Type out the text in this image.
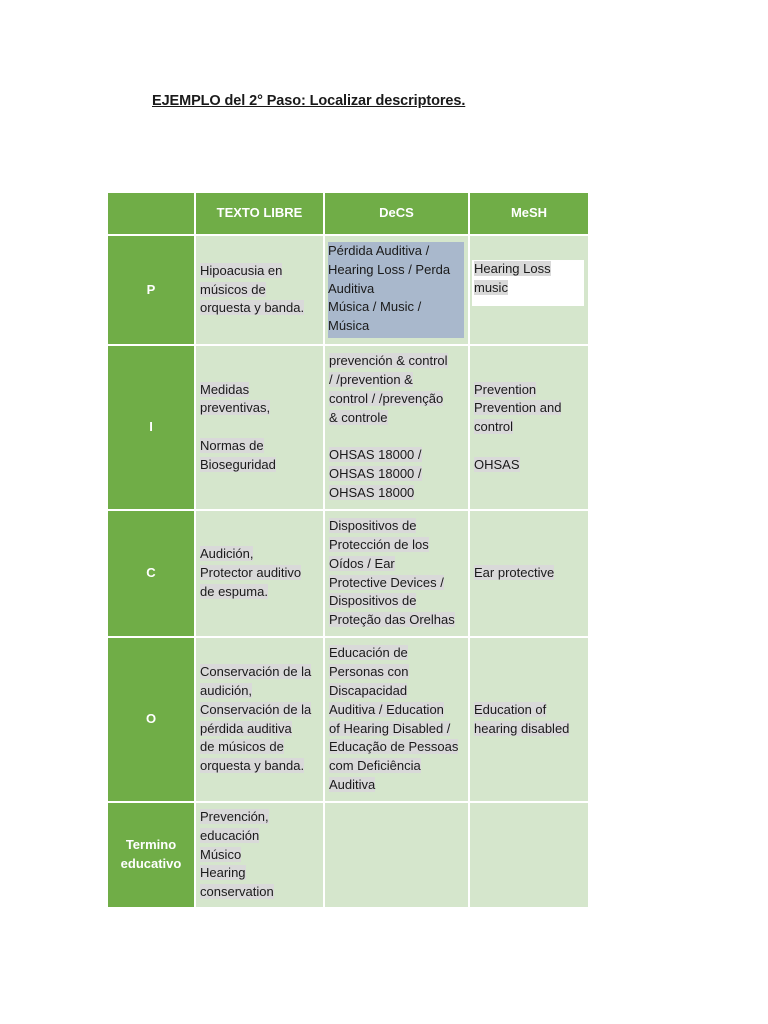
EJEMPLO del 2° Paso: Localizar descriptores.
TEXTO LIBRE	DeCS	MeSH
P
Hipoacusia en
músicos de
orquesta y banda.
Pérdida Auditiva /
Hearing Loss / Perda
Auditiva
Música / Music /
Música
Hearing Loss
music
I
Medidas
preventivas,
Normas de
Bioseguridad
prevención & control
/ /prevention &
control / /prevenção
& controle
OHSAS 18000 /
OHSAS 18000 /
OHSAS 18000
Prevention
Prevention and
control
OHSAS
C
Audición,
Protector auditivo
de espuma.
Dispositivos de
Protección de los
Oídos / Ear
Protective Devices /
Dispositivos de
Proteção das Orelhas
Ear protective
O
Conservación de la
audición,
Conservación de la
pérdida auditiva
de músicos de
orquesta y banda.
Educación de
Personas con
Discapacidad
Auditiva / Education
of Hearing Disabled /
Educação de Pessoas
com Deficiência
Auditiva
Education of
hearing disabled
Termino
educativo
Prevención,
educación
Músico
Hearing
conservation
